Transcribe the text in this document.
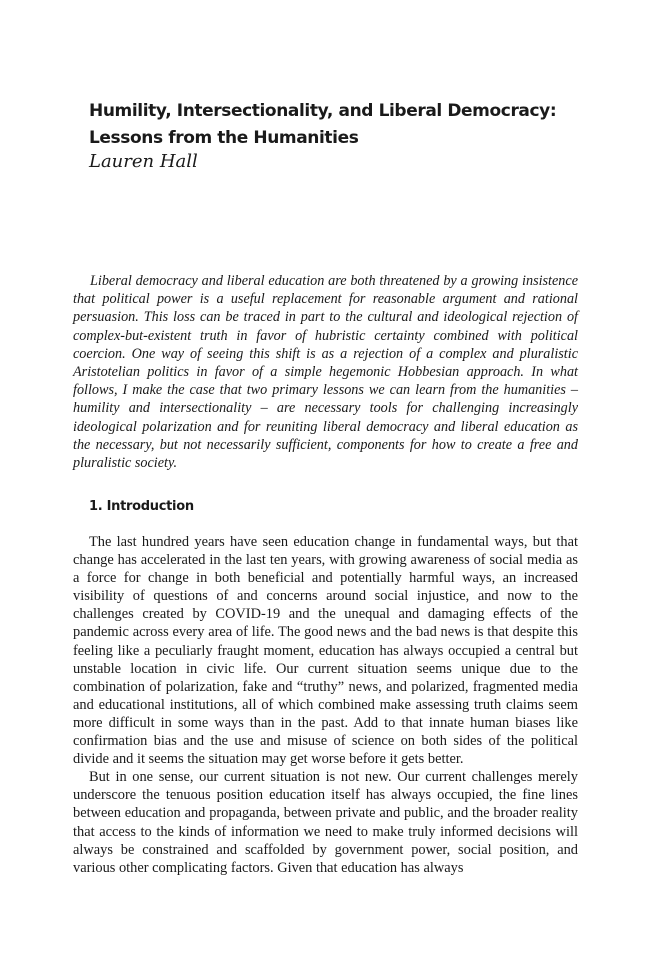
Humility, Intersectionality, and Liberal Democracy:
Lessons from the Humanities
Lauren Hall
Liberal democracy and liberal education are both threatened by a growing insistence that political power is a useful replacement for reasonable argument and rational persuasion. This loss can be traced in part to the cultural and ideological rejection of complex-but-existent truth in favor of hubristic certainty combined with political coercion. One way of seeing this shift is as a rejection of a complex and pluralistic Aristotelian politics in favor of a simple hegemonic Hobbesian approach. In what follows, I make the case that two primary lessons we can learn from the humanities – humility and intersectionality – are necessary tools for challenging increasingly ideological polarization and for reuniting liberal democracy and liberal education as the necessary, but not necessarily sufficient, components for how to create a free and pluralistic society.
1. Introduction

The last hundred years have seen education change in fundamental ways, but that change has accelerated in the last ten years, with growing awareness of social media as a force for change in both beneficial and potentially harmful ways, an increased visibility of questions of and concerns around social injustice, and now to the challenges created by COVID-19 and the unequal and damaging effects of the pandemic across every area of life. The good news and the bad news is that despite this feeling like a peculiarly fraught moment, education has always occupied a central but unstable location in civic life. Our current situation seems unique due to the combination of polarization, fake and “truthy” news, and polarized, fragmented media and educational institutions, all of which combined make assessing truth claims seem more difficult in some ways than in the past. Add to that innate human biases like confirmation bias and the use and misuse of science on both sides of the political divide and it seems the situation may get worse before it gets better.

But in one sense, our current situation is not new. Our current challenges merely underscore the tenuous position education itself has always occupied, the fine lines between education and propaganda, between private and public, and the broader reality that access to the kinds of information we need to make truly informed decisions will always be constrained and scaffolded by government power, social position, and various other complicating factors. Given that education has always
